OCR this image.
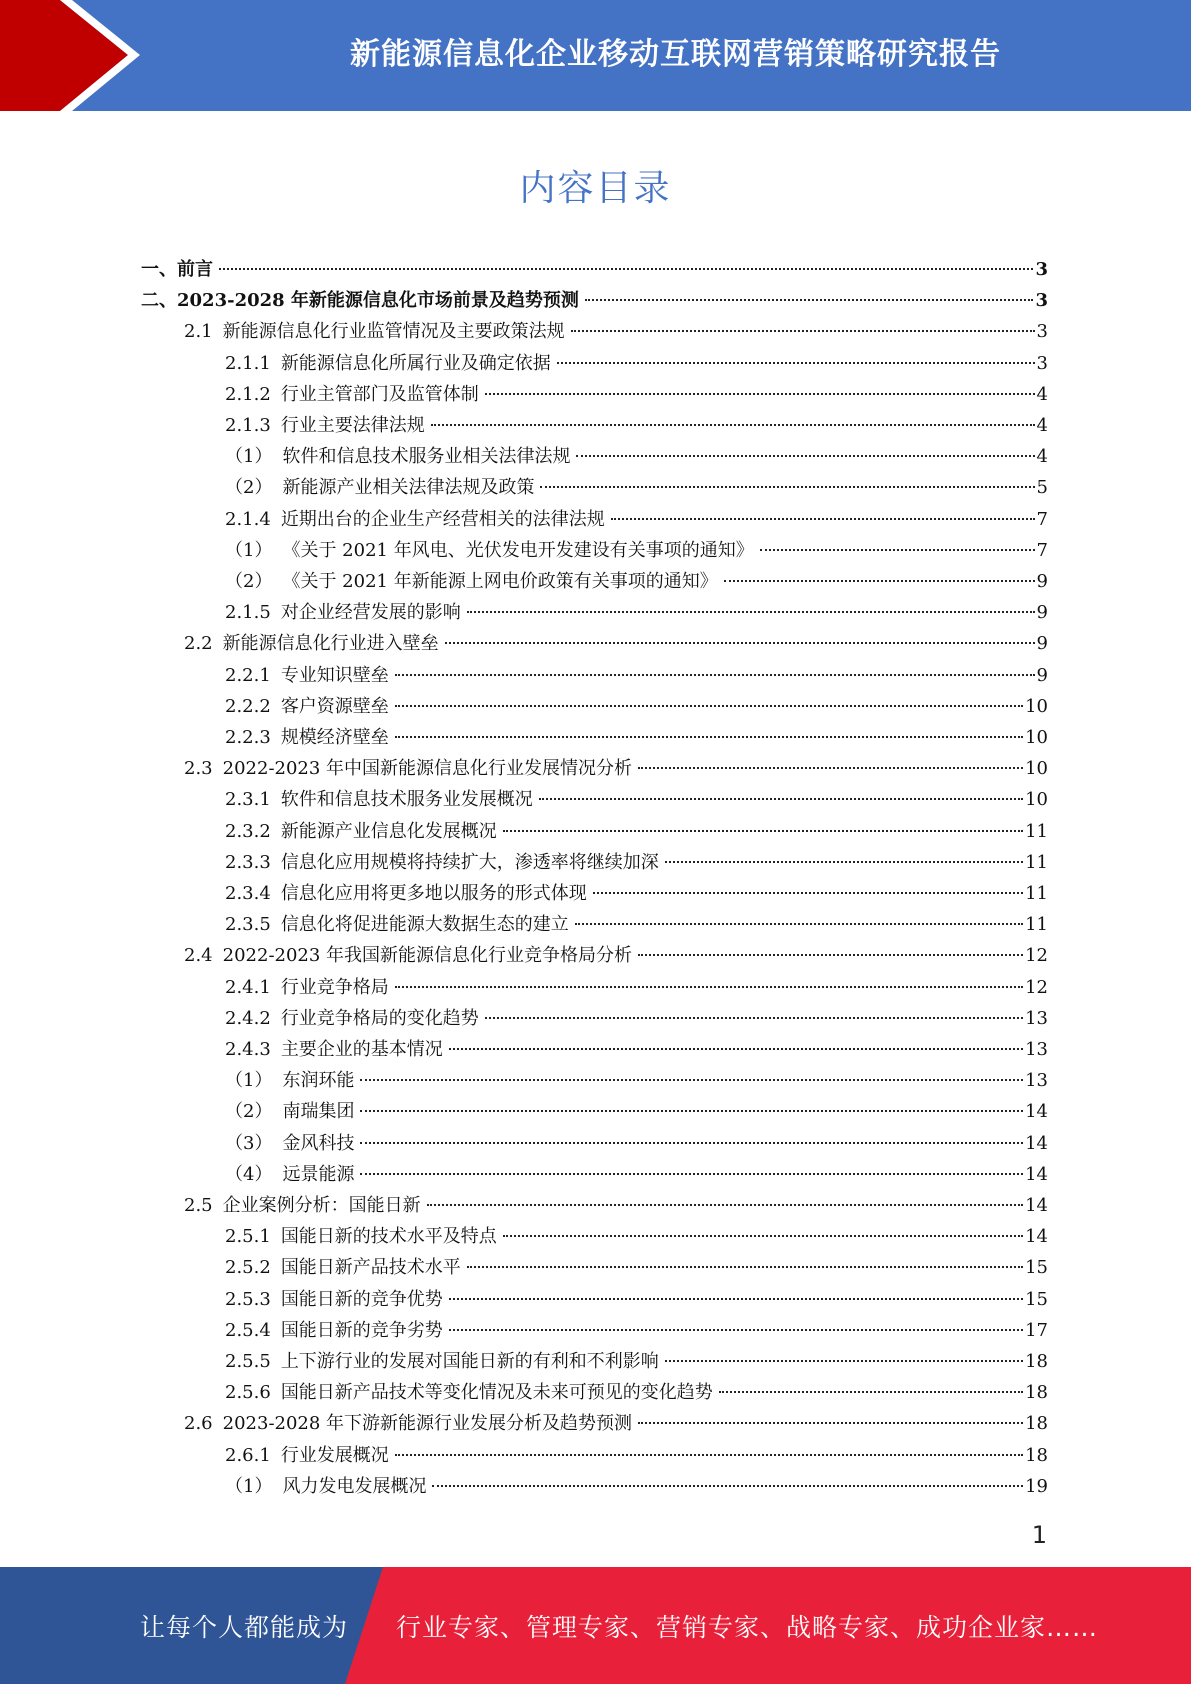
新能源信息化企业移动互联网营销策略研究报告
内容目录
一、 前言	3
二、 2023-2028 年新能源信息化市场前景及趋势预测	3
2.1 新能源信息化行业监管情况及主要政策法规	3
2.1.1 新能源信息化所属行业及确定依据	3
2.1.2 行业主管部门及监管体制	4
2.1.3 行业主要法律法规	4
（1） 软件和信息技术服务业相关法律法规	4
（2） 新能源产业相关法律法规及政策	5
2.1.4 近期出台的企业生产经营相关的法律法规	7
（1） 《关于 2021 年风电、光伏发电开发建设有关事项的通知》	7
（2） 《关于 2021 年新能源上网电价政策有关事项的通知》	9
2.1.5 对企业经营发展的影响	9
2.2 新能源信息化行业进入壁垒	9
2.2.1 专业知识壁垒	9
2.2.2 客户资源壁垒	10
2.2.3 规模经济壁垒	10
2.3 2022-2023 年中国新能源信息化行业发展情况分析	10
2.3.1 软件和信息技术服务业发展概况	10
2.3.2 新能源产业信息化发展概况	11
2.3.3 信息化应用规模将持续扩大，渗透率将继续加深	11
2.3.4 信息化应用将更多地以服务的形式体现	11
2.3.5 信息化将促进能源大数据生态的建立	11
2.4 2022-2023 年我国新能源信息化行业竞争格局分析	12
2.4.1 行业竞争格局	12
2.4.2 行业竞争格局的变化趋势	13
2.4.3 主要企业的基本情况	13
（1） 东润环能	13
（2） 南瑞集团	14
（3） 金风科技	14
（4） 远景能源	14
2.5 企业案例分析：国能日新	14
2.5.1 国能日新的技术水平及特点	14
2.5.2 国能日新产品技术水平	15
2.5.3 国能日新的竞争优势	15
2.5.4 国能日新的竞争劣势	17
2.5.5 上下游行业的发展对国能日新的有利和不利影响	18
2.5.6 国能日新产品技术等变化情况及未来可预见的变化趋势	18
2.6 2023-2028 年下游新能源行业发展分析及趋势预测	18
2.6.1 行业发展概况	18
（1） 风力发电发展概况	19
1
让每个人都能成为 行业专家、管理专家、营销专家、战略专家、成功企业家……
